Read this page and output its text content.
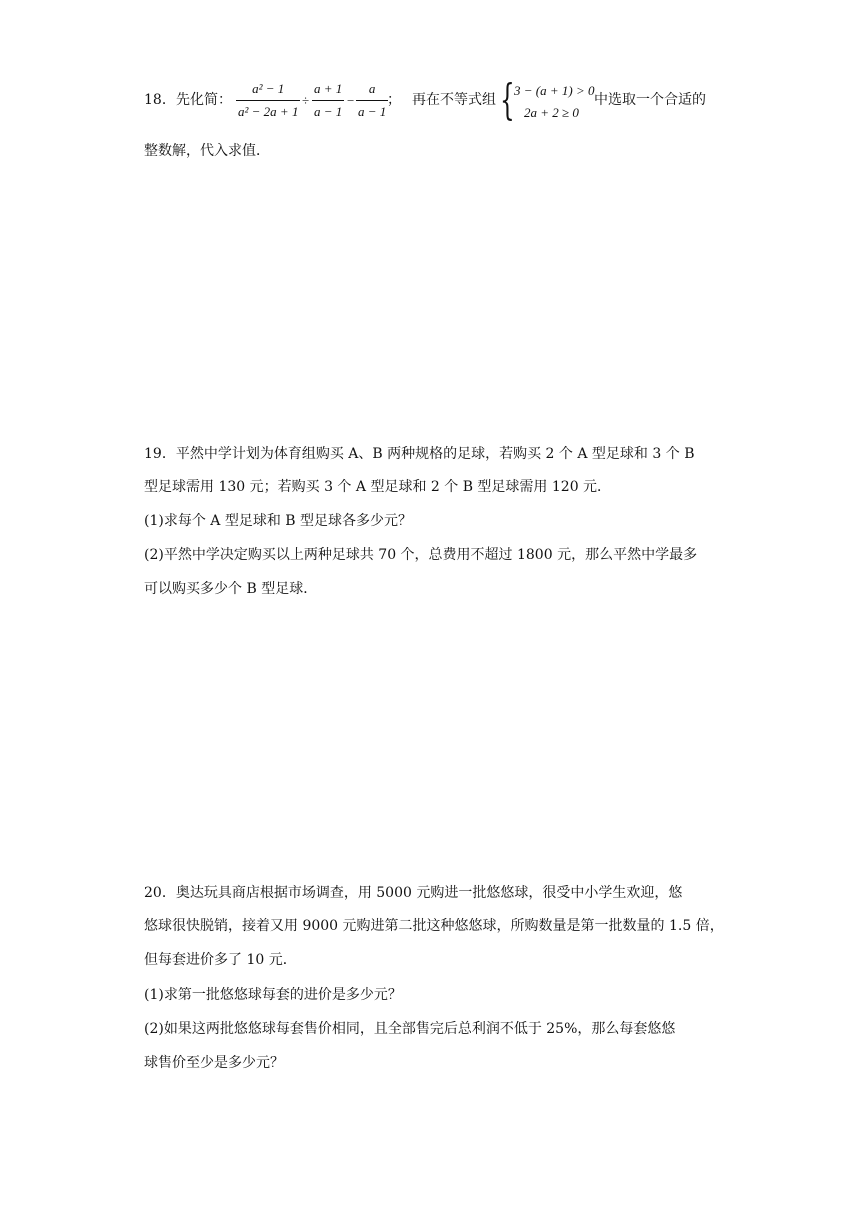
18． 先化简：
a² − 1
a² − 2a + 1
÷
a + 1
a − 1
−
a
a − 1
； 再在不等式组 { 3 − (a + 1) > 0
2a + 2 ≥ 0
中选取一个合适的
整数解，代入求值．
19．平然中学计划为体育组购买 A、B 两种规格的足球，若购买 2 个 A 型足球和 3 个 B
型足球需用 130 元；若购买 3 个 A 型足球和 2 个 B 型足球需用 120 元．
(1)求每个 A 型足球和 B 型足球各多少元？
(2)平然中学决定购买以上两种足球共 70 个，总费用不超过 1800 元，那么平然中学最多
可以购买多少个 B 型足球．
20．奥达玩具商店根据市场调查，用 5000 元购进一批悠悠球，很受中小学生欢迎，悠
悠球很快脱销，接着又用 9000 元购进第二批这种悠悠球，所购数量是第一批数量的 1.5 倍，
但每套进价多了 10 元．
(1)求第一批悠悠球每套的进价是多少元？
(2)如果这两批悠悠球每套售价相同，且全部售完后总利润不低于 25%，那么每套悠悠
球售价至少是多少元？
